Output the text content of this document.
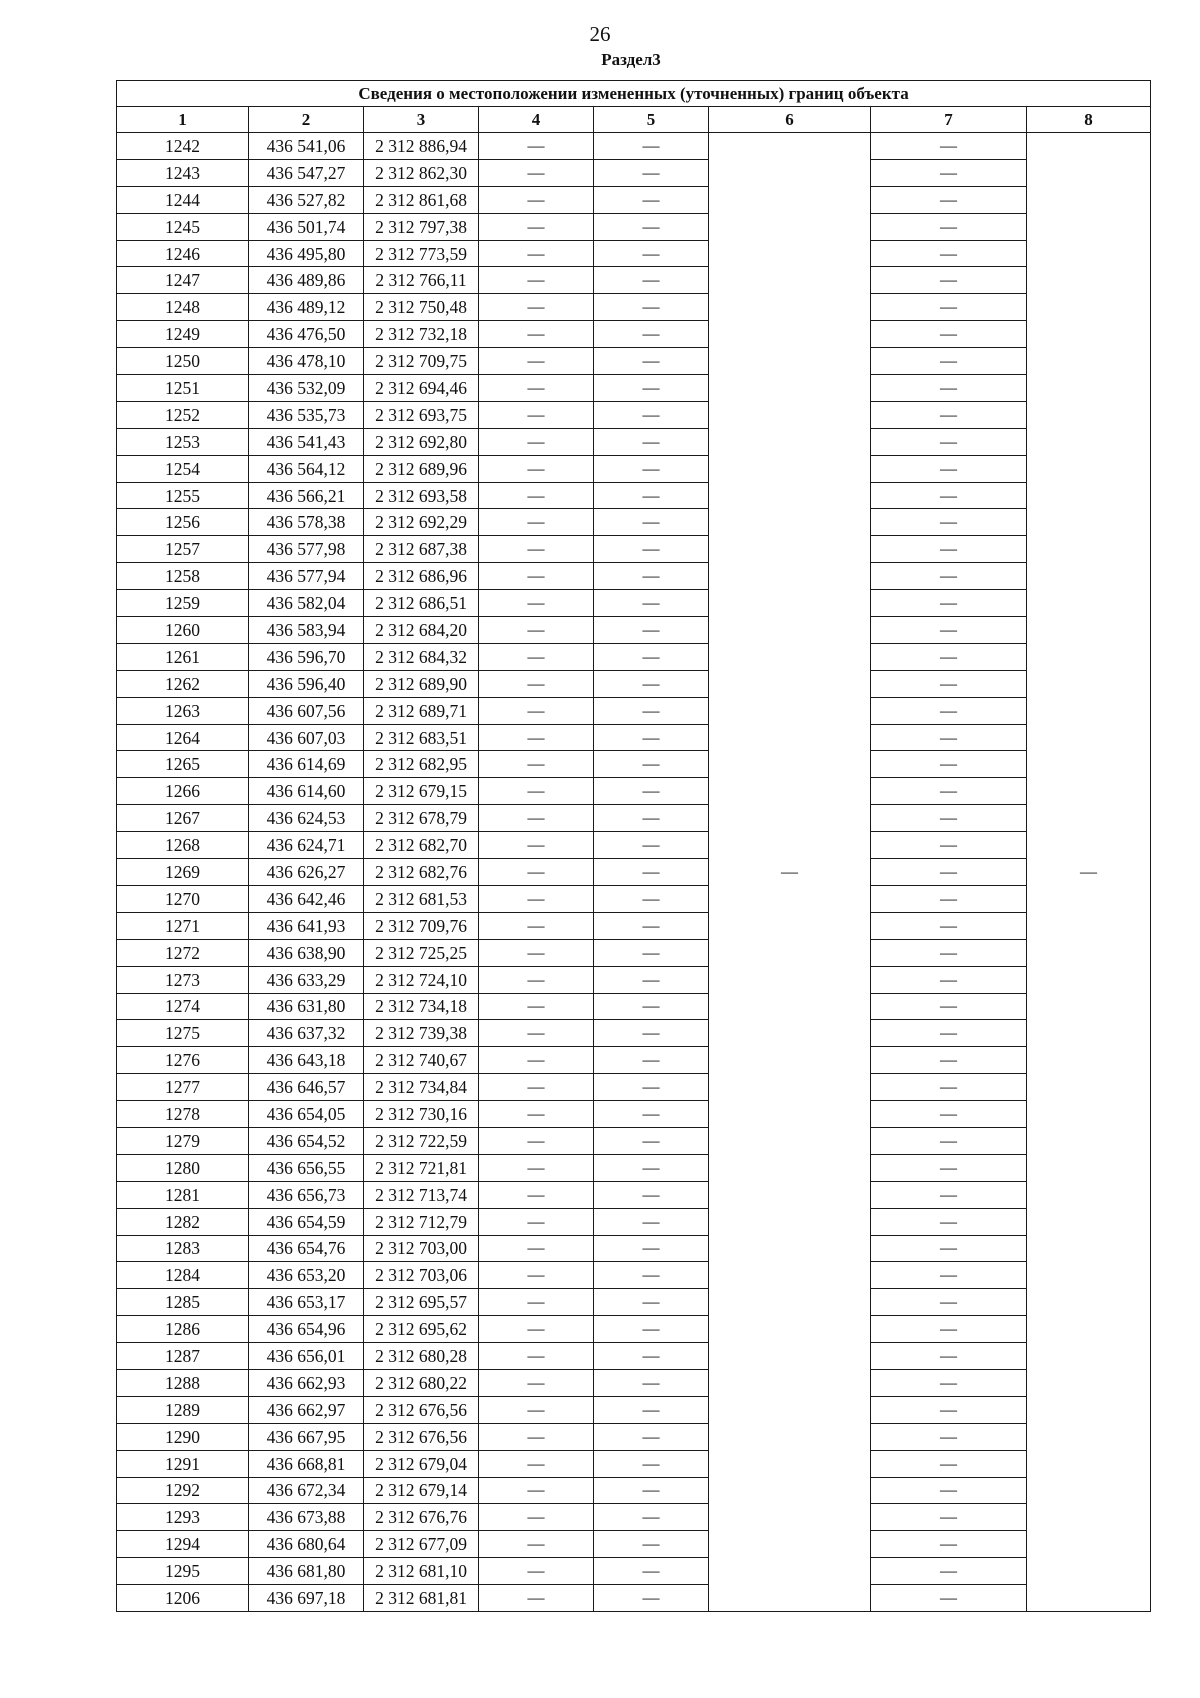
26
Раздел3
Сведения о местоположении измененных (уточненных) границ объекта							
1	2	3	4	5	6	7	8
1242	436 541,06	2 312 886,94	—	—	—	—	—
1243	436 547,27	2 312 862,30	—	—		—	
1244	436 527,82	2 312 861,68	—	—		—	
1245	436 501,74	2 312 797,38	—	—		—	
1246	436 495,80	2 312 773,59	—	—		—	
1247	436 489,86	2 312 766,11	—	—		—	
1248	436 489,12	2 312 750,48	—	—		—	
1249	436 476,50	2 312 732,18	—	—		—	
1250	436 478,10	2 312 709,75	—	—		—	
1251	436 532,09	2 312 694,46	—	—		—	
1252	436 535,73	2 312 693,75	—	—		—	
1253	436 541,43	2 312 692,80	—	—		—	
1254	436 564,12	2 312 689,96	—	—		—	
1255	436 566,21	2 312 693,58	—	—		—	
1256	436 578,38	2 312 692,29	—	—		—	
1257	436 577,98	2 312 687,38	—	—		—	
1258	436 577,94	2 312 686,96	—	—		—	
1259	436 582,04	2 312 686,51	—	—		—	
1260	436 583,94	2 312 684,20	—	—		—	
1261	436 596,70	2 312 684,32	—	—		—	
1262	436 596,40	2 312 689,90	—	—		—	
1263	436 607,56	2 312 689,71	—	—		—	
1264	436 607,03	2 312 683,51	—	—		—	
1265	436 614,69	2 312 682,95	—	—		—	
1266	436 614,60	2 312 679,15	—	—		—	
1267	436 624,53	2 312 678,79	—	—		—	
1268	436 624,71	2 312 682,70	—	—		—	
1269	436 626,27	2 312 682,76	—	—		—	
1270	436 642,46	2 312 681,53	—	—		—	
1271	436 641,93	2 312 709,76	—	—		—	
1272	436 638,90	2 312 725,25	—	—		—	
1273	436 633,29	2 312 724,10	—	—		—	
1274	436 631,80	2 312 734,18	—	—		—	
1275	436 637,32	2 312 739,38	—	—		—	
1276	436 643,18	2 312 740,67	—	—		—	
1277	436 646,57	2 312 734,84	—	—		—	
1278	436 654,05	2 312 730,16	—	—		—	
1279	436 654,52	2 312 722,59	—	—		—	
1280	436 656,55	2 312 721,81	—	—		—	
1281	436 656,73	2 312 713,74	—	—		—	
1282	436 654,59	2 312 712,79	—	—		—	
1283	436 654,76	2 312 703,00	—	—		—	
1284	436 653,20	2 312 703,06	—	—		—	
1285	436 653,17	2 312 695,57	—	—		—	
1286	436 654,96	2 312 695,62	—	—		—	
1287	436 656,01	2 312 680,28	—	—		—	
1288	436 662,93	2 312 680,22	—	—		—	
1289	436 662,97	2 312 676,56	—	—		—	
1290	436 667,95	2 312 676,56	—	—		—	
1291	436 668,81	2 312 679,04	—	—		—	
1292	436 672,34	2 312 679,14	—	—		—	
1293	436 673,88	2 312 676,76	—	—		—	
1294	436 680,64	2 312 677,09	—	—		—	
1295	436 681,80	2 312 681,10	—	—		—	
1206	436 697,18	2 312 681,81	—	—		—	
